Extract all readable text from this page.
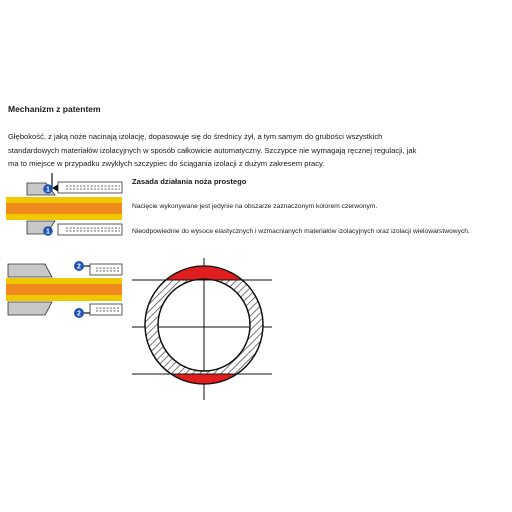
Mechanizm z patentem
Głębokość, z jaką noże nacinają izolację, dopasowuje się do średnicy żył, a tym samym do grubości wszystkich standardowych materiałów izolacyjnych w sposób całkowicie automatyczny. Szczypce nie wymagają ręcznej regulacji, jak ma to miejsce w przypadku zwykłych szczypiec do ściągania izolacji z dużym zakresem pracy.
Zasada działania noża prostego
Nacięcie wykonywane jest jedynie na obszarze zaznaczonym kolorem czerwonym.
Nieodpowiednie do wysoce elastycznych i wzmacnianych materiałów izolacyjnych oraz izolacji wielowarstwowych.
1
1
2
2
